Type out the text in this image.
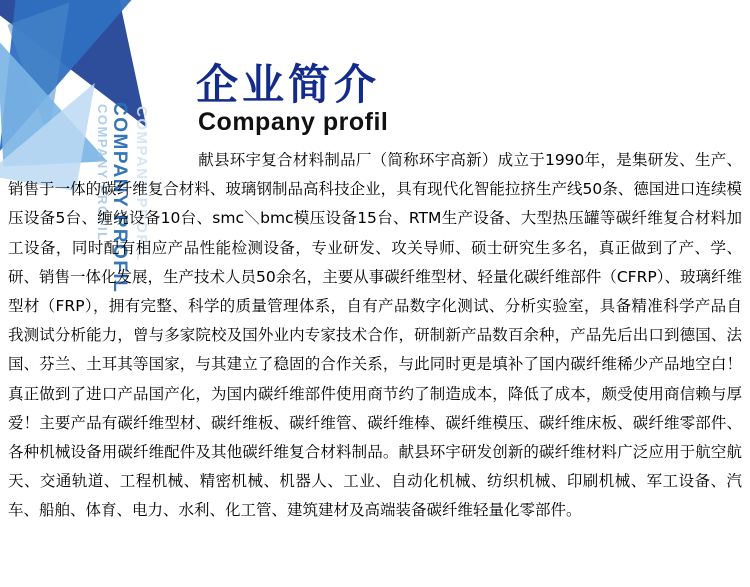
COMPANY PROFIL
COMPANY PROFIL COMPANY PROFIL
企业简介
Company profil

献县环宇复合材料制品厂（简称环宇高新）成立于1990年，是集研发、生产、销售于一体的碳纤维复合材料、玻璃钢制品高科技企业，具有现代化智能拉挤生产线50条、德国进口连续模压设备5台、缠绕设备10台、smc＼bmc模压设备15台、RTM生产设备、大型热压罐等碳纤维复合材料加工设备，同时配有相应产品性能检测设备，专业研发、攻关导师、硕士研究生多名，真正做到了产、学、研、销售一体化发展，生产技术人员50余名，主要从事碳纤维型材、轻量化碳纤维部件（CFRP）、玻璃纤维型材（FRP），拥有完整、科学的质量管理体系，自有产品数字化测试、分析实验室，具备精准科学产品自我测试分析能力，曾与多家院校及国外业内专家技术合作，研制新产品数百余种，产品先后出口到德国、法国、芬兰、土耳其等国家，与其建立了稳固的合作关系，与此同时更是填补了国内碳纤维稀少产品地空白！真正做到了进口产品国产化，为国内碳纤维部件使用商节约了制造成本，降低了成本，颇受使用商信赖与厚爱！主要产品有碳纤维型材、碳纤维板、碳纤维管、碳纤维棒、碳纤维模压、碳纤维床板、碳纤维零部件、各种机械设备用碳纤维配件及其他碳纤维复合材料制品。献县环宇研发创新的碳纤维材料广泛应用于航空航天、交通轨道、工程机械、精密机械、机器人、工业、自动化机械、纺织机械、印刷机械、军工设备、汽车、船舶、体育、电力、水利、化工管、建筑建材及高端装备碳纤维轻量化零部件。
